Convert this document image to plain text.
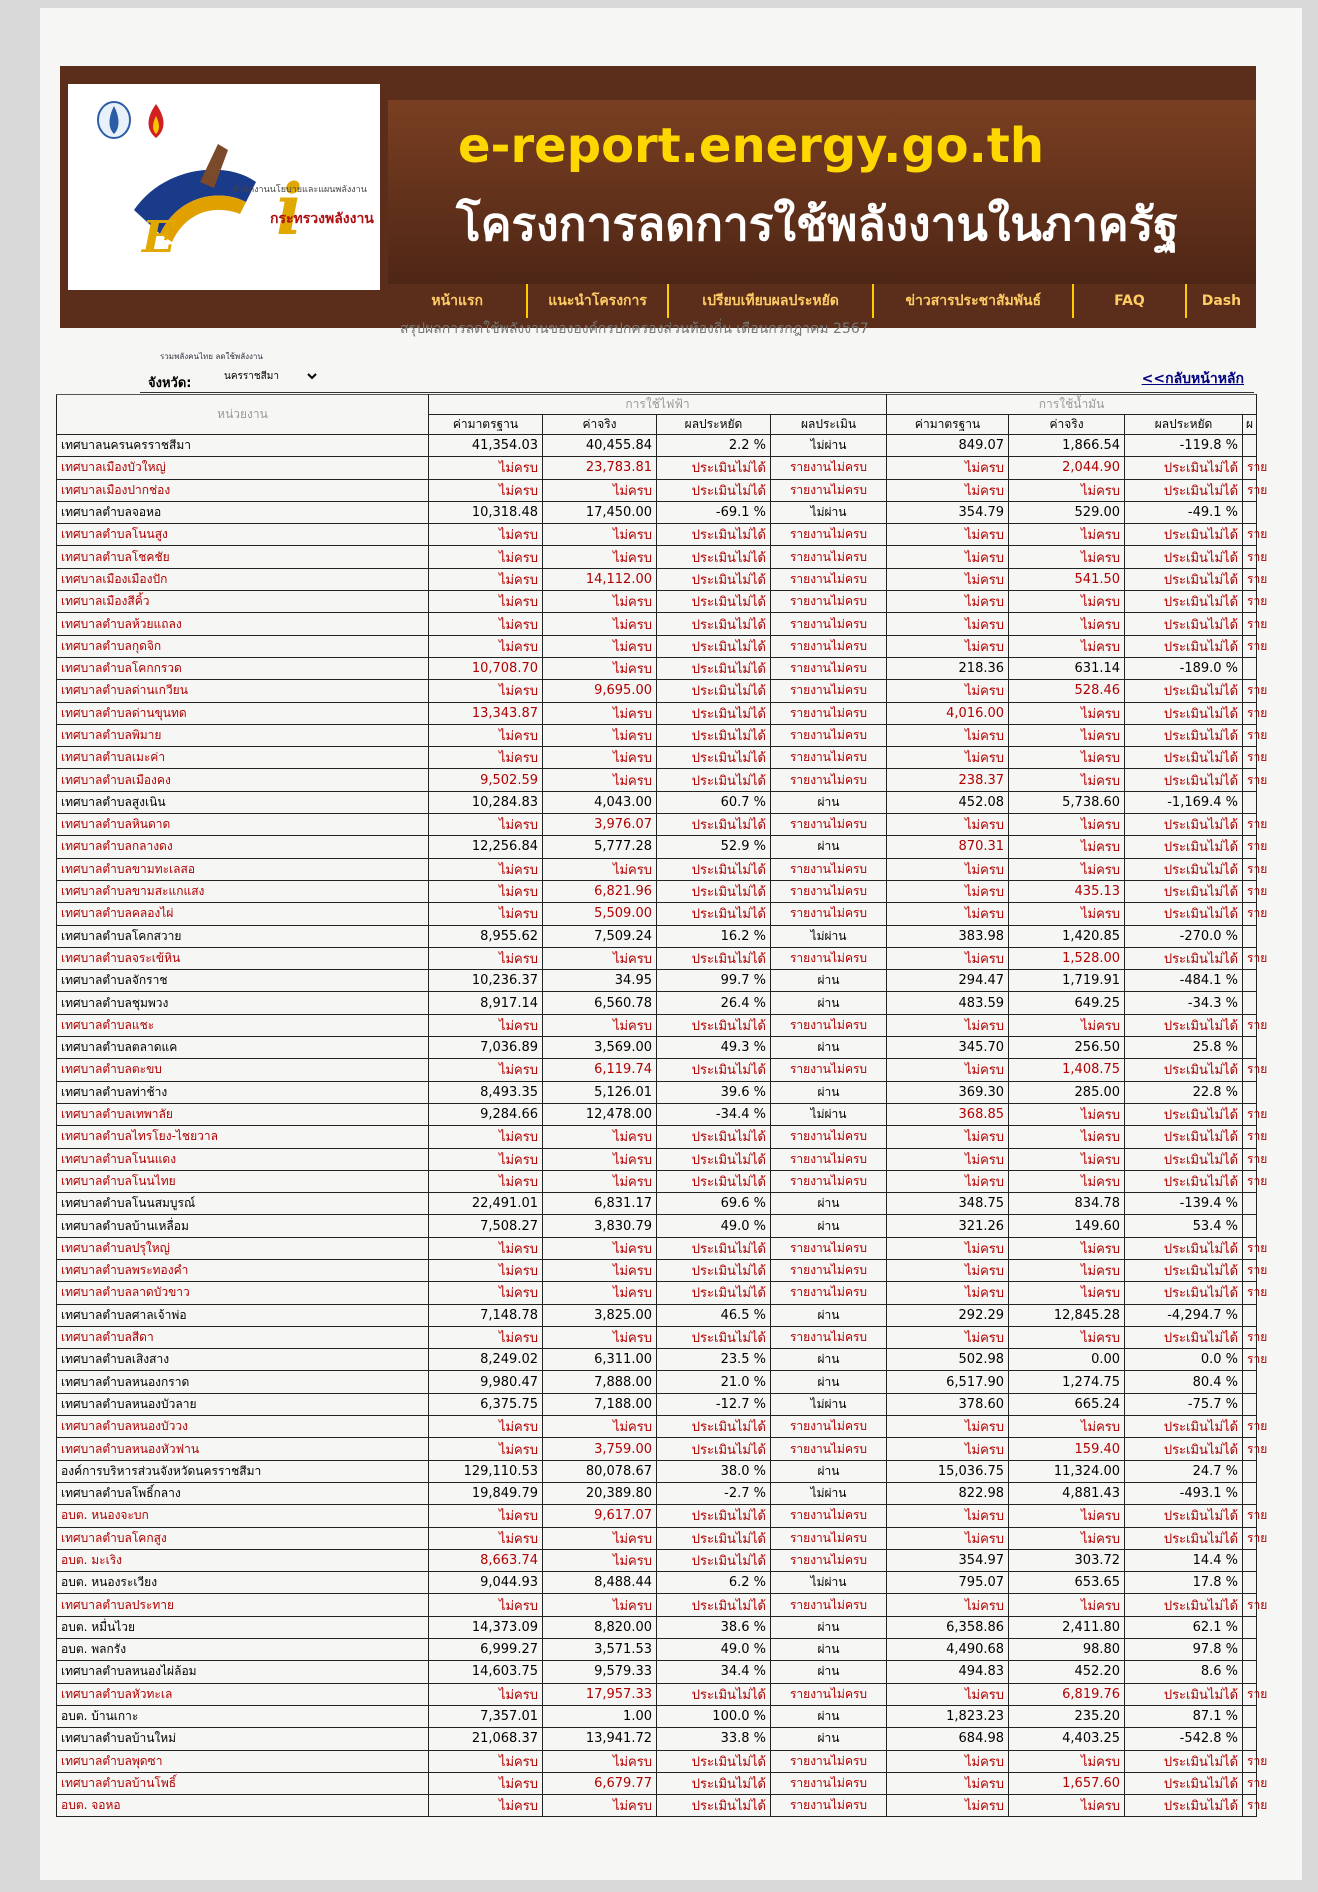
E i
สำนักงานนโยบายและแผนพลังงาน
กระทรวงพลังงาน
รวมพลังคนไทย ลดใช้พลังงาน
e-report.energy.go.th
โครงการลดการใช้พลังงานในภาครัฐ
หน้าแรก	แนะนำโครงการ	เปรียบเทียบผลประหยัด	ข่าวสารประชาสัมพันธ์	FAQ	Dash
สรุปผลการลดใช้พลังงานขององค์กรปกครองส่วนท้องถิ่น เดือนกรกฎาคม 2567
จังหวัด:
นครราชสีมา	<<กลับหน้าหลัก
หน่วยงาน	การใช้ไฟฟ้า				การใช้น้ำมัน			
	ค่ามาตรฐาน	ค่าจริง	ผลประหยัด	ผลประเมิน	ค่ามาตรฐาน	ค่าจริง	ผลประหยัด	ผ
เทศบาลนครนครราชสีมา	41,354.03	40,455.84	2.2 %	ไม่ผ่าน	849.07	1,866.54	-119.8 %	
เทศบาลเมืองบัวใหญ่	ไม่ครบ	23,783.81	ประเมินไม่ได้	รายงานไม่ครบ	ไม่ครบ	2,044.90	ประเมินไม่ได้	ราย
เทศบาลเมืองปากช่อง	ไม่ครบ	ไม่ครบ	ประเมินไม่ได้	รายงานไม่ครบ	ไม่ครบ	ไม่ครบ	ประเมินไม่ได้	ราย
เทศบาลตำบลจอหอ	10,318.48	17,450.00	-69.1 %	ไม่ผ่าน	354.79	529.00	-49.1 %	
เทศบาลตำบลโนนสูง	ไม่ครบ	ไม่ครบ	ประเมินไม่ได้	รายงานไม่ครบ	ไม่ครบ	ไม่ครบ	ประเมินไม่ได้	ราย
เทศบาลตำบลโชคชัย	ไม่ครบ	ไม่ครบ	ประเมินไม่ได้	รายงานไม่ครบ	ไม่ครบ	ไม่ครบ	ประเมินไม่ได้	ราย
เทศบาลเมืองเมืองปัก	ไม่ครบ	14,112.00	ประเมินไม่ได้	รายงานไม่ครบ	ไม่ครบ	541.50	ประเมินไม่ได้	ราย
เทศบาลเมืองสีคิ้ว	ไม่ครบ	ไม่ครบ	ประเมินไม่ได้	รายงานไม่ครบ	ไม่ครบ	ไม่ครบ	ประเมินไม่ได้	ราย
เทศบาลตำบลห้วยแถลง	ไม่ครบ	ไม่ครบ	ประเมินไม่ได้	รายงานไม่ครบ	ไม่ครบ	ไม่ครบ	ประเมินไม่ได้	ราย
เทศบาลตำบลกุดจิก	ไม่ครบ	ไม่ครบ	ประเมินไม่ได้	รายงานไม่ครบ	ไม่ครบ	ไม่ครบ	ประเมินไม่ได้	ราย
เทศบาลตำบลโคกกรวด	10,708.70	ไม่ครบ	ประเมินไม่ได้	รายงานไม่ครบ	218.36	631.14	-189.0 %	
เทศบาลตำบลด่านเกวียน	ไม่ครบ	9,695.00	ประเมินไม่ได้	รายงานไม่ครบ	ไม่ครบ	528.46	ประเมินไม่ได้	ราย
เทศบาลตำบลด่านขุนทด	13,343.87	ไม่ครบ	ประเมินไม่ได้	รายงานไม่ครบ	4,016.00	ไม่ครบ	ประเมินไม่ได้	ราย
เทศบาลตำบลพิมาย	ไม่ครบ	ไม่ครบ	ประเมินไม่ได้	รายงานไม่ครบ	ไม่ครบ	ไม่ครบ	ประเมินไม่ได้	ราย
เทศบาลตำบลเมะค่า	ไม่ครบ	ไม่ครบ	ประเมินไม่ได้	รายงานไม่ครบ	ไม่ครบ	ไม่ครบ	ประเมินไม่ได้	ราย
เทศบาลตำบลเมืองคง	9,502.59	ไม่ครบ	ประเมินไม่ได้	รายงานไม่ครบ	238.37	ไม่ครบ	ประเมินไม่ได้	ราย
เทศบาลตำบลสูงเนิน	10,284.83	4,043.00	60.7 %	ผ่าน	452.08	5,738.60	-1,169.4 %	
เทศบาลตำบลหินดาด	ไม่ครบ	3,976.07	ประเมินไม่ได้	รายงานไม่ครบ	ไม่ครบ	ไม่ครบ	ประเมินไม่ได้	ราย
เทศบาลตำบลกลางดง	12,256.84	5,777.28	52.9 %	ผ่าน	870.31	ไม่ครบ	ประเมินไม่ได้	ราย
เทศบาลตำบลขามทะเลสอ	ไม่ครบ	ไม่ครบ	ประเมินไม่ได้	รายงานไม่ครบ	ไม่ครบ	ไม่ครบ	ประเมินไม่ได้	ราย
เทศบาลตำบลขามสะแกแสง	ไม่ครบ	6,821.96	ประเมินไม่ได้	รายงานไม่ครบ	ไม่ครบ	435.13	ประเมินไม่ได้	ราย
เทศบาลตำบลคลองไผ่	ไม่ครบ	5,509.00	ประเมินไม่ได้	รายงานไม่ครบ	ไม่ครบ	ไม่ครบ	ประเมินไม่ได้	ราย
เทศบาลตำบลโคกสวาย	8,955.62	7,509.24	16.2 %	ไม่ผ่าน	383.98	1,420.85	-270.0 %	
เทศบาลตำบลจระเข้หิน	ไม่ครบ	ไม่ครบ	ประเมินไม่ได้	รายงานไม่ครบ	ไม่ครบ	1,528.00	ประเมินไม่ได้	ราย
เทศบาลตำบลจักราช	10,236.37	34.95	99.7 %	ผ่าน	294.47	1,719.91	-484.1 %	
เทศบาลตำบลชุมพวง	8,917.14	6,560.78	26.4 %	ผ่าน	483.59	649.25	-34.3 %	
เทศบาลตำบลแชะ	ไม่ครบ	ไม่ครบ	ประเมินไม่ได้	รายงานไม่ครบ	ไม่ครบ	ไม่ครบ	ประเมินไม่ได้	ราย
เทศบาลตำบลตลาดแค	7,036.89	3,569.00	49.3 %	ผ่าน	345.70	256.50	25.8 %	
เทศบาลตำบลตะขบ	ไม่ครบ	6,119.74	ประเมินไม่ได้	รายงานไม่ครบ	ไม่ครบ	1,408.75	ประเมินไม่ได้	ราย
เทศบาลตำบลท่าช้าง	8,493.35	5,126.01	39.6 %	ผ่าน	369.30	285.00	22.8 %	
เทศบาลตำบลเทพาลัย	9,284.66	12,478.00	-34.4 %	ไม่ผ่าน	368.85	ไม่ครบ	ประเมินไม่ได้	ราย
เทศบาลตำบลไทรโยง-ไชยวาล	ไม่ครบ	ไม่ครบ	ประเมินไม่ได้	รายงานไม่ครบ	ไม่ครบ	ไม่ครบ	ประเมินไม่ได้	ราย
เทศบาลตำบลโนนแดง	ไม่ครบ	ไม่ครบ	ประเมินไม่ได้	รายงานไม่ครบ	ไม่ครบ	ไม่ครบ	ประเมินไม่ได้	ราย
เทศบาลตำบลโนนไทย	ไม่ครบ	ไม่ครบ	ประเมินไม่ได้	รายงานไม่ครบ	ไม่ครบ	ไม่ครบ	ประเมินไม่ได้	ราย
เทศบาลตำบลโนนสมบูรณ์	22,491.01	6,831.17	69.6 %	ผ่าน	348.75	834.78	-139.4 %	
เทศบาลตำบลบ้านเหลื่อม	7,508.27	3,830.79	49.0 %	ผ่าน	321.26	149.60	53.4 %	
เทศบาลตำบลปรุใหญ่	ไม่ครบ	ไม่ครบ	ประเมินไม่ได้	รายงานไม่ครบ	ไม่ครบ	ไม่ครบ	ประเมินไม่ได้	ราย
เทศบาลตำบลพระทองคำ	ไม่ครบ	ไม่ครบ	ประเมินไม่ได้	รายงานไม่ครบ	ไม่ครบ	ไม่ครบ	ประเมินไม่ได้	ราย
เทศบาลตำบลลาดบัวขาว	ไม่ครบ	ไม่ครบ	ประเมินไม่ได้	รายงานไม่ครบ	ไม่ครบ	ไม่ครบ	ประเมินไม่ได้	ราย
เทศบาลตำบลศาลเจ้าพ่อ	7,148.78	3,825.00	46.5 %	ผ่าน	292.29	12,845.28	-4,294.7 %	
เทศบาลตำบลสีดา	ไม่ครบ	ไม่ครบ	ประเมินไม่ได้	รายงานไม่ครบ	ไม่ครบ	ไม่ครบ	ประเมินไม่ได้	ราย
เทศบาลตำบลเสิงสาง	8,249.02	6,311.00	23.5 %	ผ่าน	502.98	0.00	0.0 %	ราย
เทศบาลตำบลหนองกราด	9,980.47	7,888.00	21.0 %	ผ่าน	6,517.90	1,274.75	80.4 %	
เทศบาลตำบลหนองบัวลาย	6,375.75	7,188.00	-12.7 %	ไม่ผ่าน	378.60	665.24	-75.7 %	
เทศบาลตำบลหนองบัววง	ไม่ครบ	ไม่ครบ	ประเมินไม่ได้	รายงานไม่ครบ	ไม่ครบ	ไม่ครบ	ประเมินไม่ได้	ราย
เทศบาลตำบลหนองหัวฟาน	ไม่ครบ	3,759.00	ประเมินไม่ได้	รายงานไม่ครบ	ไม่ครบ	159.40	ประเมินไม่ได้	ราย
องค์การบริหารส่วนจังหวัดนครราชสีมา	129,110.53	80,078.67	38.0 %	ผ่าน	15,036.75	11,324.00	24.7 %	
เทศบาลตำบลโพธิ์กลาง	19,849.79	20,389.80	-2.7 %	ไม่ผ่าน	822.98	4,881.43	-493.1 %	
อบต. หนองจะบก	ไม่ครบ	9,617.07	ประเมินไม่ได้	รายงานไม่ครบ	ไม่ครบ	ไม่ครบ	ประเมินไม่ได้	ราย
เทศบาลตำบลโคกสูง	ไม่ครบ	ไม่ครบ	ประเมินไม่ได้	รายงานไม่ครบ	ไม่ครบ	ไม่ครบ	ประเมินไม่ได้	ราย
อบต. มะเริง	8,663.74	ไม่ครบ	ประเมินไม่ได้	รายงานไม่ครบ	354.97	303.72	14.4 %	
อบต. หนองระเวียง	9,044.93	8,488.44	6.2 %	ไม่ผ่าน	795.07	653.65	17.8 %	
เทศบาลตำบลประทาย	ไม่ครบ	ไม่ครบ	ประเมินไม่ได้	รายงานไม่ครบ	ไม่ครบ	ไม่ครบ	ประเมินไม่ได้	ราย
อบต. หมื่นไวย	14,373.09	8,820.00	38.6 %	ผ่าน	6,358.86	2,411.80	62.1 %	
อบต. พลกรัง	6,999.27	3,571.53	49.0 %	ผ่าน	4,490.68	98.80	97.8 %	
เทศบาลตำบลหนองไผ่ล้อม	14,603.75	9,579.33	34.4 %	ผ่าน	494.83	452.20	8.6 %	
เทศบาลตำบลหัวทะเล	ไม่ครบ	17,957.33	ประเมินไม่ได้	รายงานไม่ครบ	ไม่ครบ	6,819.76	ประเมินไม่ได้	ราย
อบต. บ้านเกาะ	7,357.01	1.00	100.0 %	ผ่าน	1,823.23	235.20	87.1 %	
เทศบาลตำบลบ้านใหม่	21,068.37	13,941.72	33.8 %	ผ่าน	684.98	4,403.25	-542.8 %	
เทศบาลตำบลพุดซา	ไม่ครบ	ไม่ครบ	ประเมินไม่ได้	รายงานไม่ครบ	ไม่ครบ	ไม่ครบ	ประเมินไม่ได้	ราย
เทศบาลตำบลบ้านโพธิ์	ไม่ครบ	6,679.77	ประเมินไม่ได้	รายงานไม่ครบ	ไม่ครบ	1,657.60	ประเมินไม่ได้	ราย
อบต. จอหอ	ไม่ครบ	ไม่ครบ	ประเมินไม่ได้	รายงานไม่ครบ	ไม่ครบ	ไม่ครบ	ประเมินไม่ได้	ราย
